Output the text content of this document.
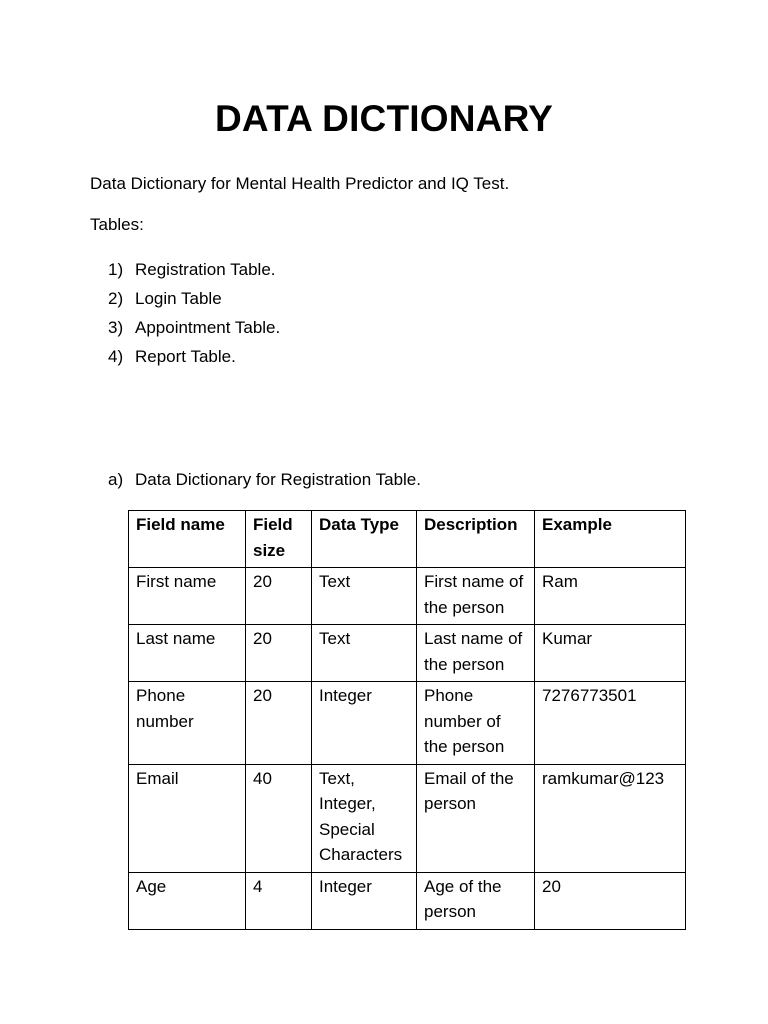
DATA DICTIONARY

Data Dictionary for Mental Health Predictor and IQ Test.

Tables:

1) Registration Table.
2) Login Table
3) Appointment Table.
4) Report Table.

a) Data Dictionary for Registration Table.

Field name	Field size	Data Type	Description	Example
First name	20	Text	First name of the person	Ram
Last name	20	Text	Last name of the person	Kumar
Phone number	20	Integer	Phone number of the person	7276773501
Email	40	Text, Integer, Special Characters	Email of the person	ramkumar@123
Age	4	Integer	Age of the person	20
